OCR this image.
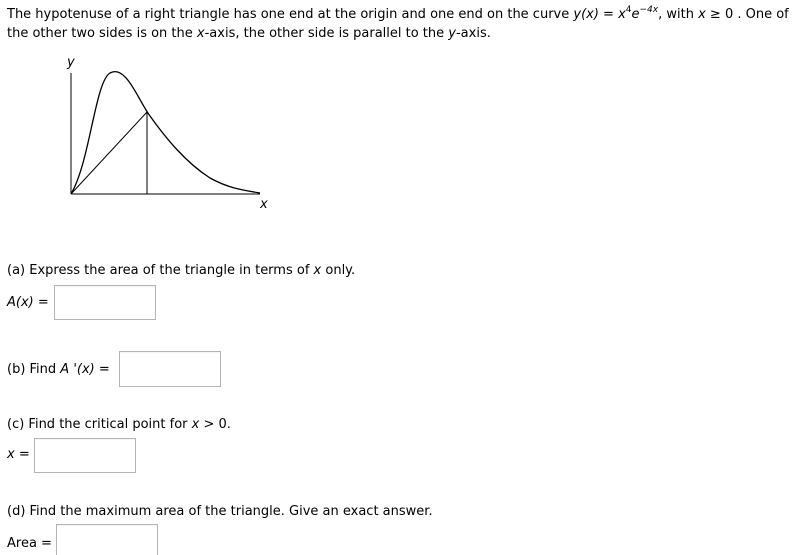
The hypotenuse of a right triangle has one end at the origin and one end on the curve $y(x) = x^4e^{-4x}$, with x ≥ 0 . One of
the other two sides is on the x-axis, the other side is parallel to the y-axis.
y
x
(a) Express the area of the triangle in terms of x only.
A(x) =
(b) Find A '(x) =
(c) Find the critical point for x > 0.
x =
(d) Find the maximum area of the triangle. Give an exact answer.
Area =
